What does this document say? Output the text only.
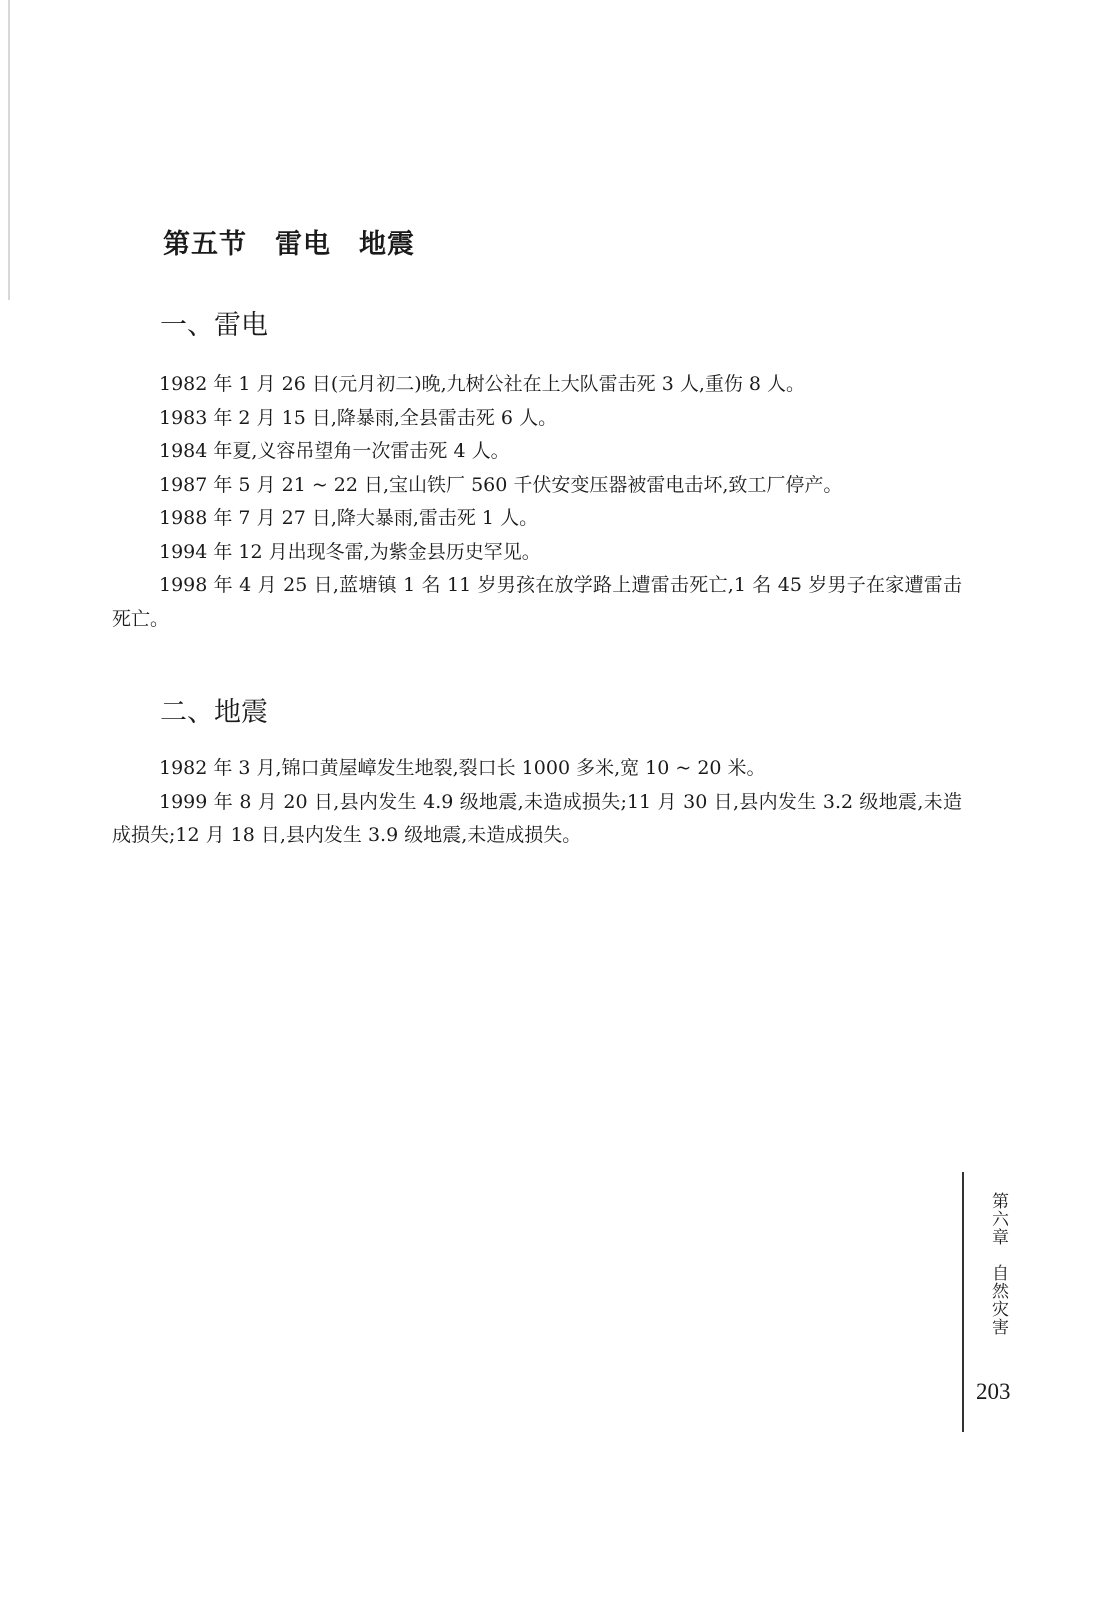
第五节　雷电　地震
一、雷电

1982 年 1 月 26 日(元月初二)晚,九树公社在上大队雷击死 3 人,重伤 8 人。

1983 年 2 月 15 日,降暴雨,全县雷击死 6 人。

1984 年夏,义容吊望角一次雷击死 4 人。

1987 年 5 月 21 ~ 22 日,宝山铁厂 560 千伏安变压器被雷电击坏,致工厂停产。

1988 年 7 月 27 日,降大暴雨,雷击死 1 人。

1994 年 12 月出现冬雷,为紫金县历史罕见。

1998 年 4 月 25 日,蓝塘镇 1 名 11 岁男孩在放学路上遭雷击死亡,1 名 45 岁男子在家遭雷击死亡。

二、地震

1982 年 3 月,锦口黄屋嶂发生地裂,裂口长 1000 多米,宽 10 ~ 20 米。

1999 年 8 月 20 日,县内发生 4.9 级地震,未造成损失;11 月 30 日,县内发生 3.2 级地震,未造成损失;12 月 18 日,县内发生 3.9 级地震,未造成损失。

第六章　自然灾害
203
